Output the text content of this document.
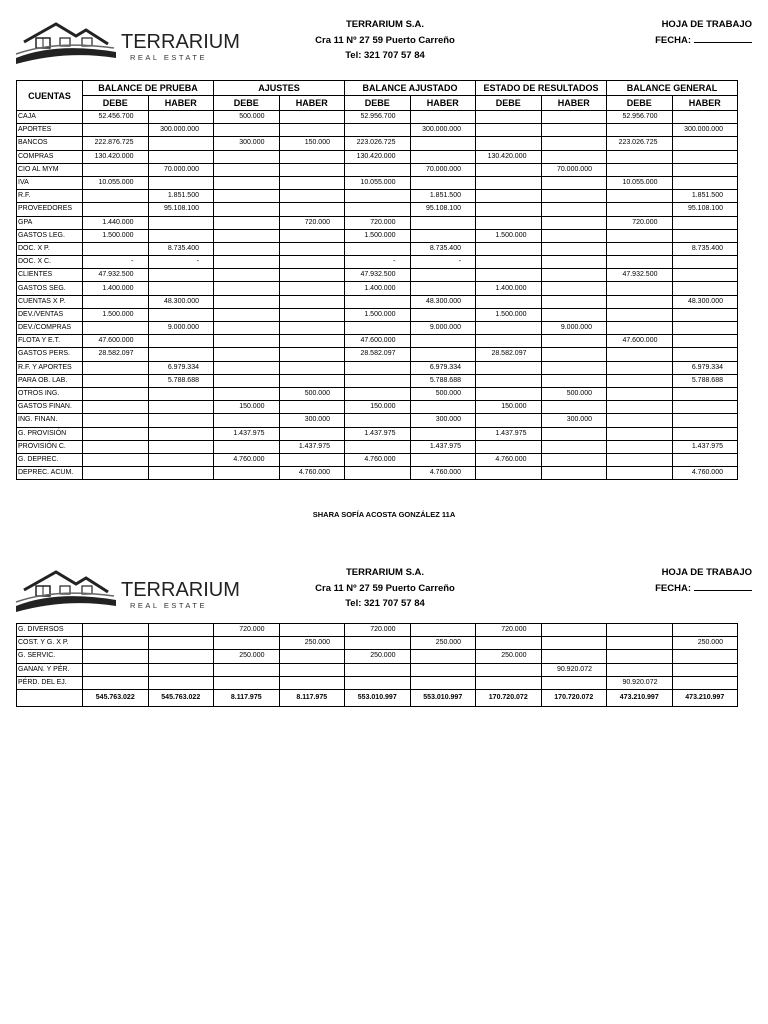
TERRARIUM
REAL ESTATE
TERRARIUM S.A.
Cra 11 Nº 27 59 Puerto Carreño
Tel: 321 707 57 84
HOJA DE TRABAJO
FECHA:
CUENTAS	BALANCE DE PRUEBA		AJUSTES		BALANCE AJUSTADO		ESTADO DE RESULTADOS		BALANCE GENERAL	
	DEBE	HABER	DEBE	HABER	DEBE	HABER	DEBE	HABER	DEBE	HABER
CAJA	52.456.700		500.000		52.956.700				52.956.700	
APORTES		300.000.000				300.000.000				300.000.000
BANCOS	222.876.725		300.000	150.000	223.026.725				223.026.725	
COMPRAS	130.420.000				130.420.000		130.420.000			
CIO AL MYM		70.000.000				70.000.000		70.000.000		
IVA	10.055.000				10.055.000				10.055.000	
R.F.		1.851.500				1.851.500				1.851.500
PROVEEDORES		95.108.100				95.108.100				95.108.100
GPA	1.440.000			720.000	720.000				720.000	
GASTOS LEG.	1.500.000				1.500.000		1.500.000			
DOC. X P.		8.735.400				8.735.400				8.735.400
DOC. X C.	-	-			-	-				
CLIENTES	47.932.500				47.932.500				47.932.500	
GASTOS SEG.	1.400.000				1.400.000		1.400.000			
CUENTAS X P.		48.300.000				48.300.000				48.300.000
DEV./VENTAS	1.500.000				1.500.000		1.500.000			
DEV./COMPRAS		9.000.000				9.000.000		9.000.000		
FLOTA Y E.T.	47.600.000				47.600.000				47.600.000	
GASTOS PERS.	28.582.097				28.582.097		28.582.097			
R.F. Y APORTES		6.979.334				6.979.334				6.979.334
PARA OB. LAB.		5.788.688				5.788.688				5.788.688
OTROS ING.				500.000		500.000		500.000		
GASTOS FINAN.			150.000		150.000		150.000			
ING. FINAN.				300.000		300.000		300.000		
G. PROVISIÓN			1.437.975		1.437.975		1.437.975			
PROVISIÓN C.				1.437.975		1.437.975				1.437.975
G. DEPREC.			4.760.000		4.760.000		4.760.000			
DEPREC. ACUM.				4.760.000		4.760.000				4.760.000
SHARA SOFÍA ACOSTA GONZÁLEZ 11A
TERRARIUM
REAL ESTATE
TERRARIUM S.A.
Cra 11 Nº 27 59 Puerto Carreño
Tel: 321 707 57 84
HOJA DE TRABAJO
FECHA:
G. DIVERSOS			720.000		720.000		720.000			
COST. Y G. X P.				250.000		250.000				250.000
G. SERVIC.			250.000		250.000		250.000			
GANAN. Y PÉR.								90.920.072		
PÉRD. DEL EJ.									90.920.072	
	545.763.022	545.763.022	8.117.975	8.117.975	553.010.997	553.010.997	170.720.072	170.720.072	473.210.997	473.210.997
